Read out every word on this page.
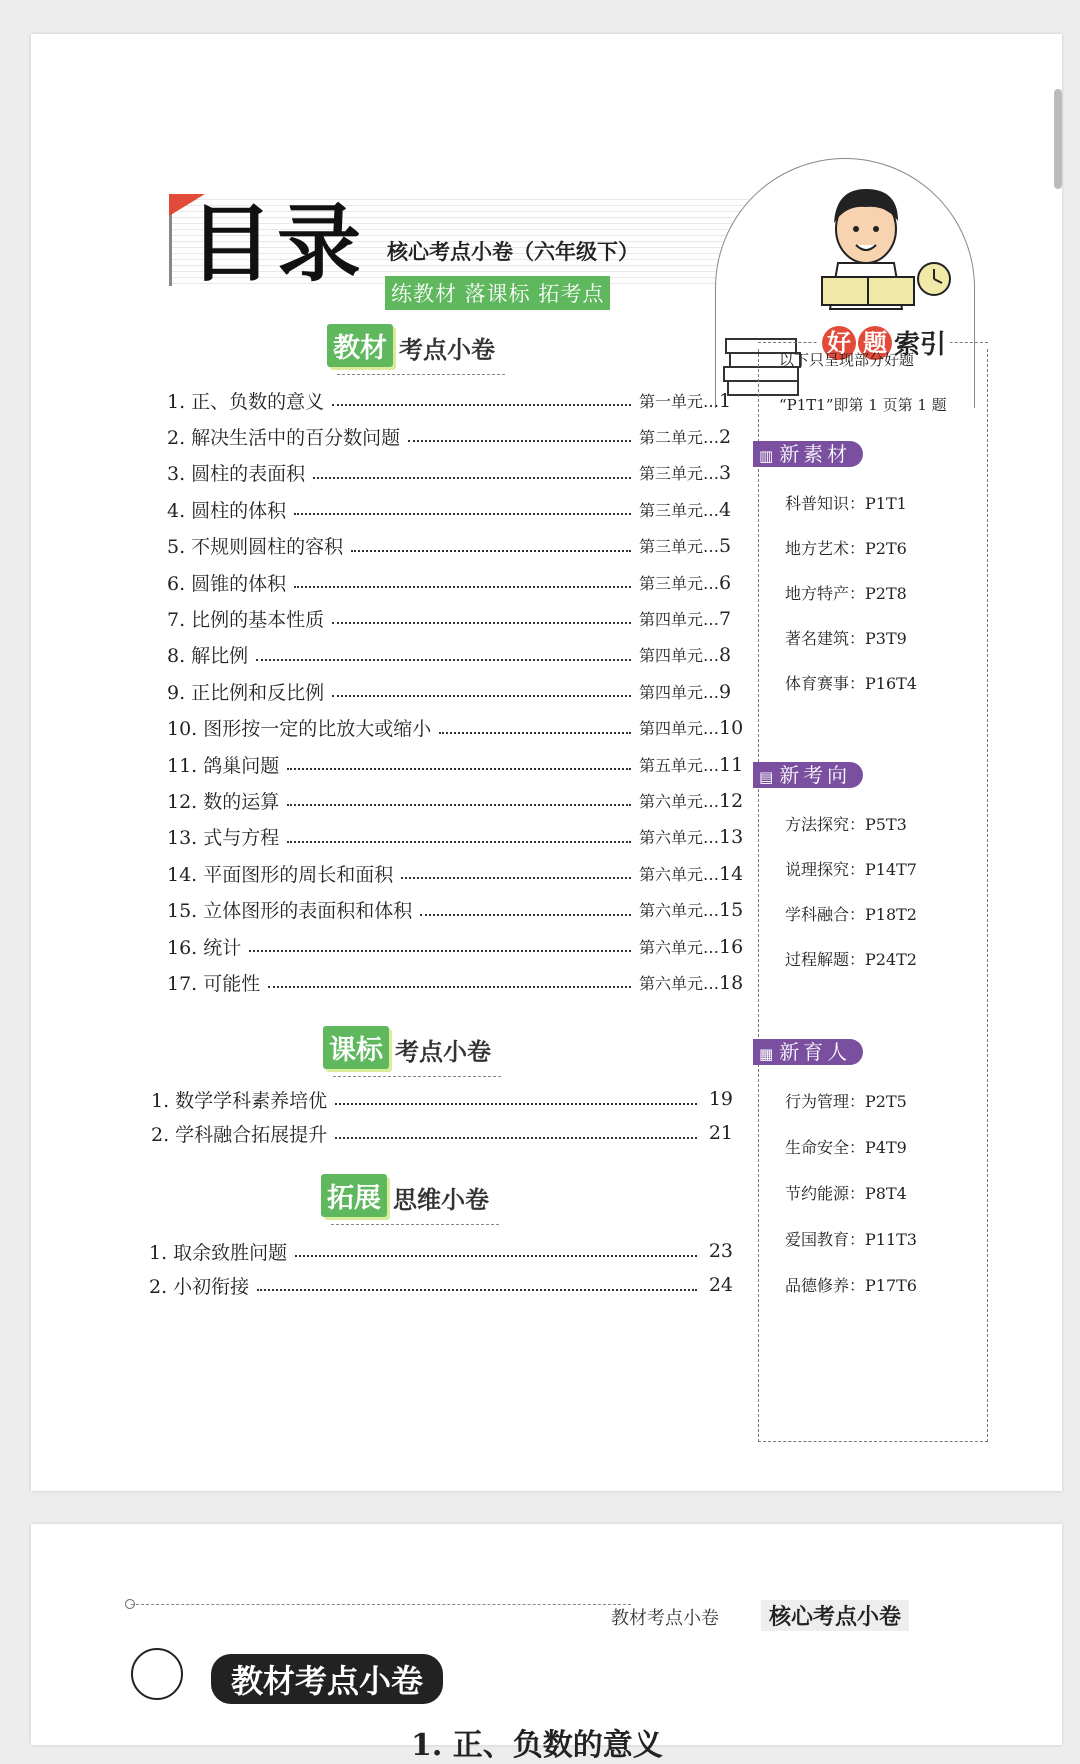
目录 核心考点小卷（六年级下）
练教材 落课标 拓考点
教材 考点小卷
1. 正、负数的意义	第一单元…1
2. 解决生活中的百分数问题	第二单元…2
3. 圆柱的表面积	第三单元…3
4. 圆柱的体积	第三单元…4
5. 不规则圆柱的容积	第三单元…5
6. 圆锥的体积	第三单元…6
7. 比例的基本性质	第四单元…7
8. 解比例	第四单元…8
9. 正比例和反比例	第四单元…9
10. 图形按一定的比放大或缩小	第四单元…10
11. 鸽巢问题	第五单元…11
12. 数的运算	第六单元…12
13. 式与方程	第六单元…13
14. 平面图形的周长和面积	第六单元…14
15. 立体图形的表面积和体积	第六单元…15
16. 统计	第六单元…16
17. 可能性	第六单元…18
课标 考点小卷
1. 数学学科素养培优	19
2. 学科融合拓展提升	21
拓展 思维小卷
1. 取余致胜问题	23
2. 小初衔接	24
好 题 索引
以下只呈现部分好题
“P1T1”即第 1 页第 1 题
▥ 新素材
科普知识：P1T1
地方艺术：P2T6
地方特产：P2T8
著名建筑：P3T9
体育赛事：P16T4
▤ 新考向
方法探究：P5T3
说理探究：P14T7
学科融合：P18T2
过程解题：P24T2
▦ 新育人
行为管理：P2T5
生命安全：P4T9
节约能源：P8T4
爱国教育：P11T3
品德修养：P17T6
教材考点小卷	核心考点小卷
教材考点小卷
1. 正、负数的意义
